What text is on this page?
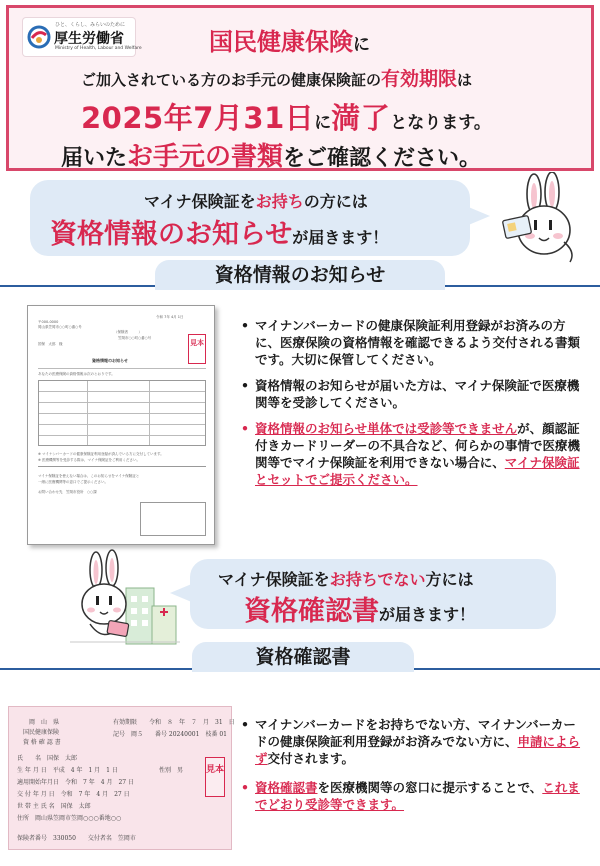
ひと、くらし、みらいのために
厚生労働省
Ministry of Health, Labour and Welfare	国民健康保険に
ご加入されている方のお手元の健康保険証の有効期限は
2025年7月31日に満了となります。
届いたお手元の書類をご確認ください。
マイナ保険証をお持ちの方には
資格情報のお知らせが届きます！
資格情報のお知らせ
令和 7年 4月 1日
〒000-0000
岡山県笠岡市○○町○番○号
（保険者　　　）
笠岡市○○町○番○号
国保　太郎　様
資格情報のお知らせ
あなたの医療保険の資格情報は次のとおりです。
※ マイナンバーカードの健康保険証利用登録が済んでいる方に交付しています。
※ 医療機関等を受診する際は、マイナ保険証をご利用ください。
マイナ保険証を使えない場合は、このお知らせをマイナ保険証と
一緒に医療機関等の窓口でご提示ください。
お問い合わせ先　笠岡市役所　○○課
見本
• マイナンバーカードの健康保険証利用登録がお済みの方に、医療保険の資格情報を確認できるよう交付される書類です。大切に保管してください。
• 資格情報のお知らせが届いた方は、マイナ保険証で医療機関等を受診してください。
• 資格情報のお知らせ単体では受診等できませんが、顔認証付きカードリーダーの不具合など、何らかの事情で医療機関等でマイナ保険証を利用できない場合に、マイナ保険証とセットでご提示ください。
マイナ保険証をお持ちでない方には
資格確認書が届きます！
資格確認書
岡　山　県
国民健康保険
資 格 確 認 書
有効期限　　令和　８　年　７　月　31　日
記号　岡５　　番号 20240001　枝番 01
氏　　名　国保　太郎
生 年 月 日　平成　4 年　1 月　1 日	性別　男
適用開始年月日　令和　7 年　4 月　27 日
交 付 年 月 日　令和　7 年　4 月　27 日
世 帯 主 氏 名　国保　太郎
住所　岡山県笠岡市笠岡○○○番地○○
保険者番号　330050　　交付者名　笠岡市
見本
• マイナンバーカードをお持ちでない方、マイナンバーカードの健康保険証利用登録がお済みでない方に、申請によらず交付されます。
• 資格確認書を医療機関等の窓口に提示することで、これまでどおり受診等できます。
